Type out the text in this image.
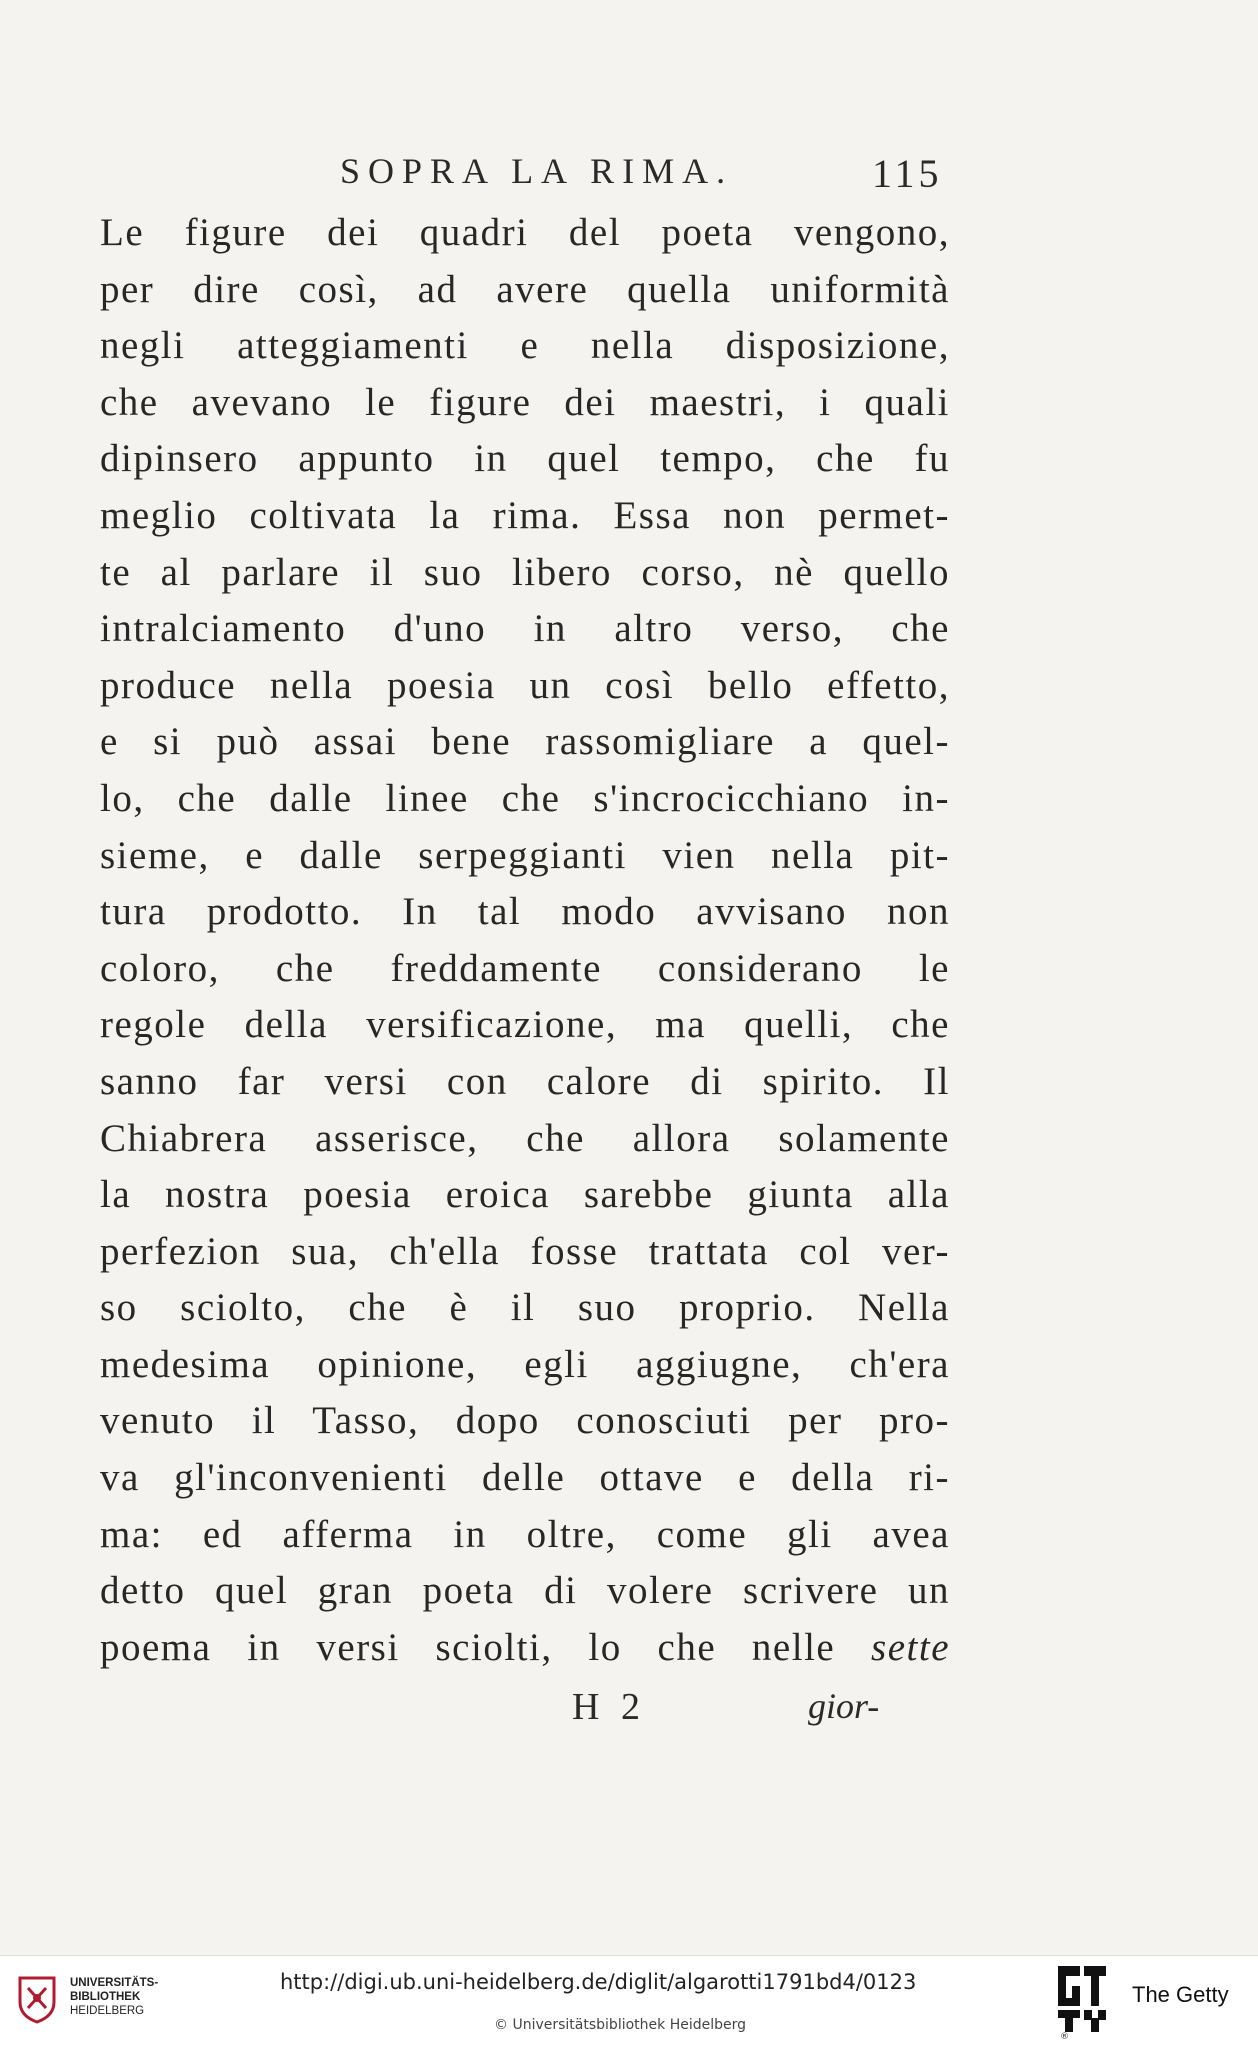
SOPRA LA RIMA.	115
Le figure dei quadri del poeta vengono,
per dire così, ad avere quella uniformità
negli atteggiamenti e nella disposizione,
che avevano le figure dei maestri, i quali
dipinsero appunto in quel tempo, che fu
meglio coltivata la rima. Essa non permet-
te al parlare il suo libero corso, nè quello
intralciamento d'uno in altro verso, che
produce nella poesia un così bello effetto,
e si può assai bene rassomigliare a quel-
lo, che dalle linee che s'incrocicchiano in-
sieme, e dalle serpeggianti vien nella pit-
tura prodotto. In tal modo avvisano non
coloro, che freddamente considerano le
regole della versificazione, ma quelli, che
sanno far versi con calore di spirito. Il
Chiabrera asserisce, che allora solamente
la nostra poesia eroica sarebbe giunta alla
perfezion sua, ch'ella fosse trattata col ver-
so sciolto, che è il suo proprio. Nella
medesima opinione, egli aggiugne, ch'era
venuto il Tasso, dopo conosciuti per pro-
va gl'inconvenienti delle ottave e della ri-
ma: ed afferma in oltre, come gli avea
detto quel gran poeta di volere scrivere un
poema in versi sciolti, lo che nelle sette
H 2	gior-
UNIVERSITÄTS-
BIBLIOTHEK
HEIDELBERG
http://digi.ub.uni-heidelberg.de/diglit/algarotti1791bd4/0123
© Universitätsbibliothek Heidelberg
®
The Getty
